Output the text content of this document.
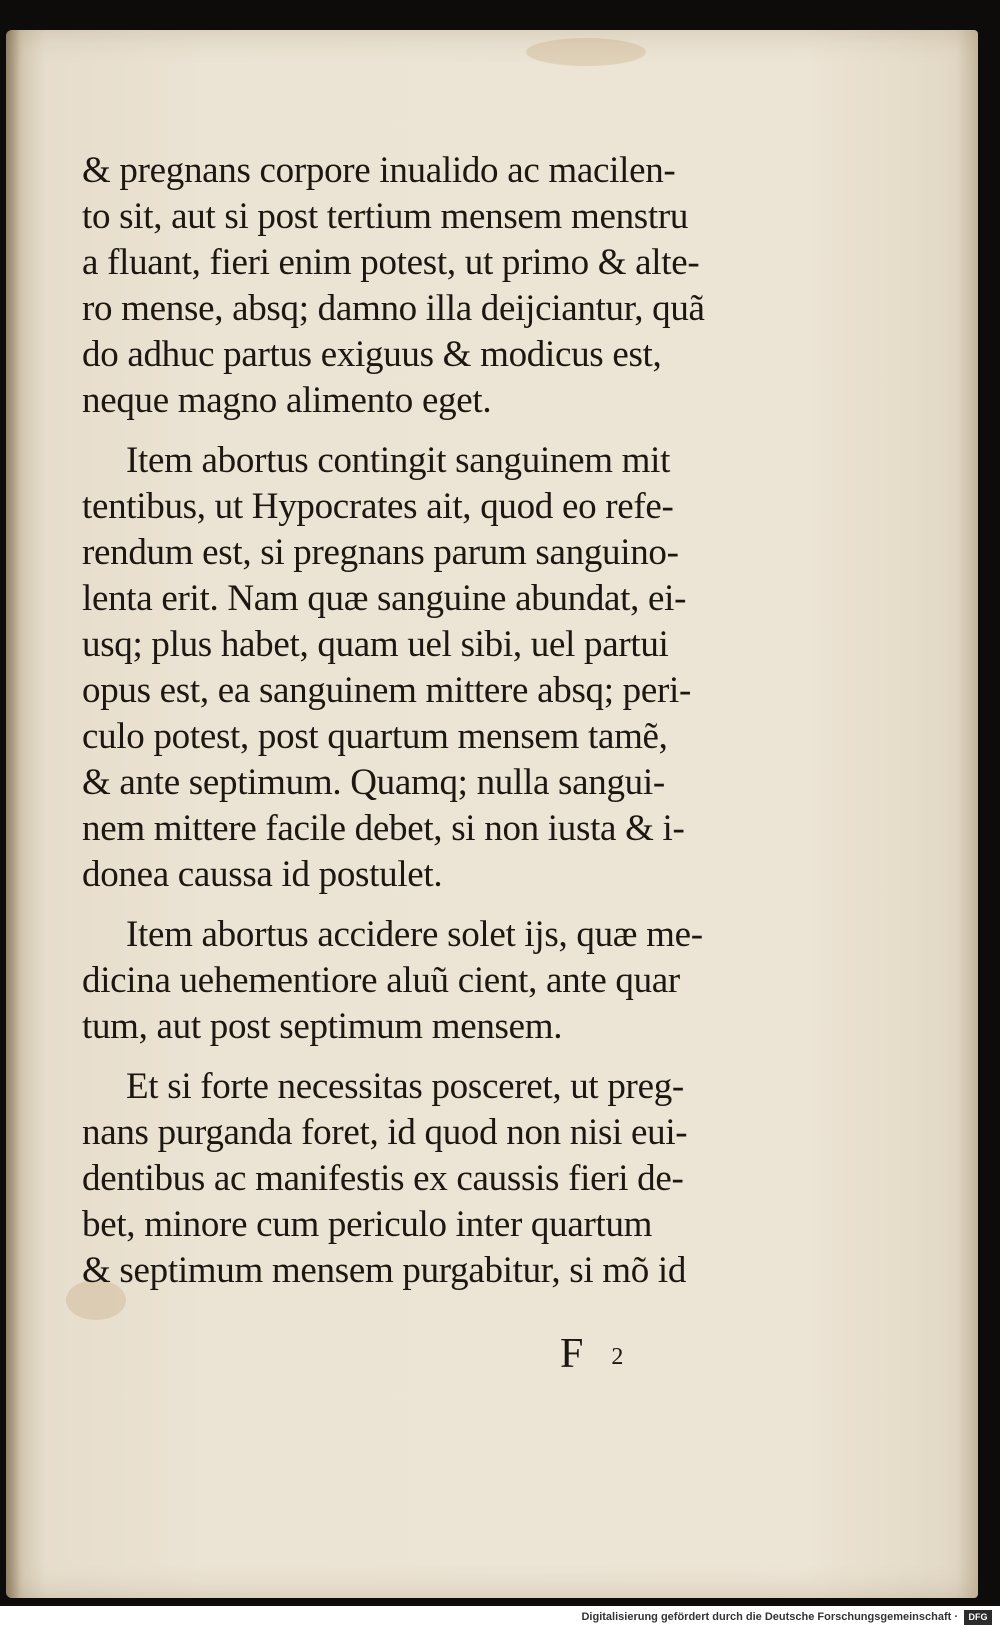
& pregnans corpore inualido ac macilen-
to sit, aut si post tertium mensem menstru
a fluant, fieri enim potest, ut primo & alte-
ro mense, absq; damno illa deijciantur, quã
do adhuc partus exiguus & modicus est,
neque magno alimento eget.
Item abortus contingit sanguinem mit
tentibus, ut Hypocrates ait, quod eo refe-
rendum est, si pregnans parum sanguino-
lenta erit. Nam quæ sanguine abundat, ei-
usq; plus habet, quam uel sibi, uel partui
opus est, ea sanguinem mittere absq; peri-
culo potest, post quartum mensem tamẽ,
& ante septimum. Quamq; nulla sangui-
nem mittere facile debet, si non iusta & i-
donea caussa id postulet.
Item abortus accidere solet ijs, quæ me-
dicina uehementiore aluũ cient, ante quar
tum, aut post septimum mensem.
Et si forte necessitas posceret, ut preg-
nans purganda foret, id quod non nisi eui-
dentibus ac manifestis ex caussis fieri de-
bet, minore cum periculo inter quartum
& septimum mensem purgabitur, si mõ id
F 2
Digitalisierung gefördert durch die Deutsche Forschungsgemeinschaft ·	DFG
